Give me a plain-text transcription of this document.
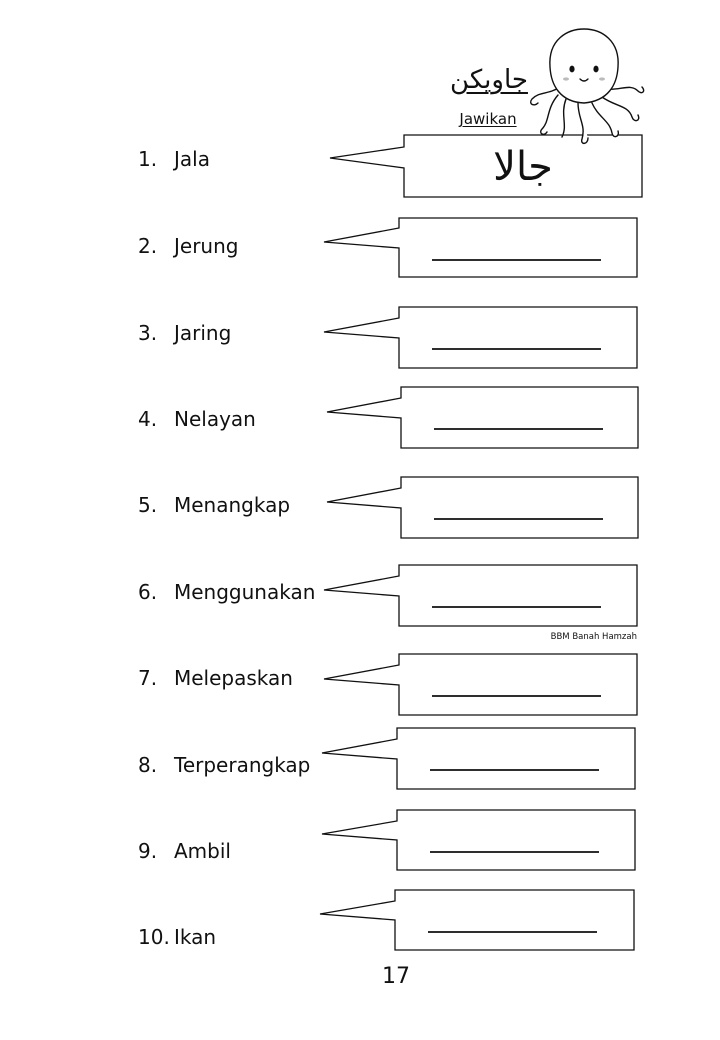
جاويكن
Jawikan
1. Jala
2. Jerung
3. Jaring
4. Nelayan
5. Menangkap
6. Menggunakan
7. Melepaskan
8. Terperangkap
9. Ambil
10. Ikan
جالا
BBM Banah Hamzah
17
